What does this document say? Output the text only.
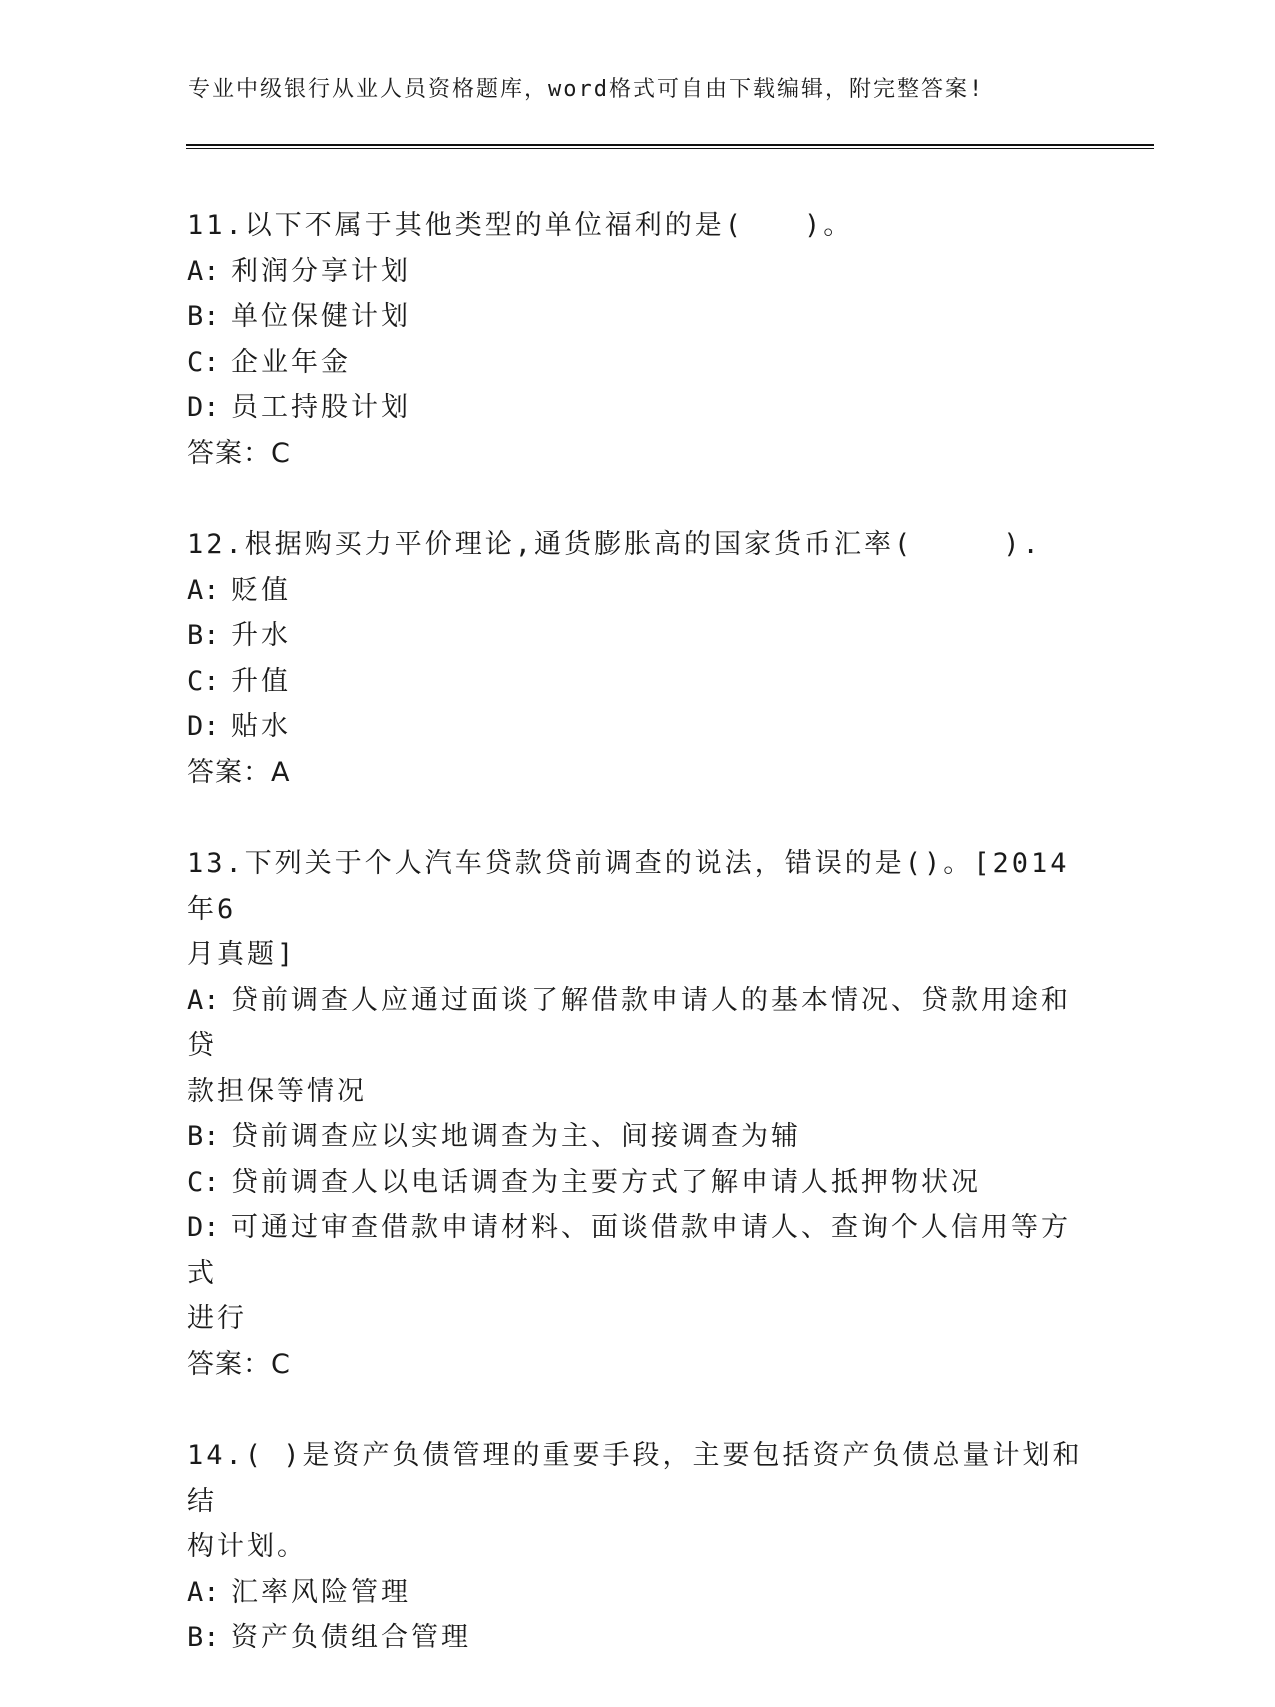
专业中级银行从业人员资格题库，word格式可自由下载编辑，附完整答案!
11.以下不属于其他类型的单位福利的是(　　)。
A: 利润分享计划
B: 单位保健计划
C: 企业年金
D: 员工持股计划
答案：C
12.根据购买力平价理论,通货膨胀高的国家货币汇率(　　　).
A: 贬值
B: 升水
C: 升值
D: 贴水
答案：A
13.下列关于个人汽车贷款贷前调查的说法，错误的是()。[2014年6
月真题]
A: 贷前调查人应通过面谈了解借款申请人的基本情况、贷款用途和贷
款担保等情况
B: 贷前调查应以实地调查为主、间接调查为辅
C: 贷前调查人以电话调查为主要方式了解申请人抵押物状况
D: 可通过审查借款申请材料、面谈借款申请人、查询个人信用等方式
进行
答案：C
14.( )是资产负债管理的重要手段，主要包括资产负债总量计划和结
构计划。
A: 汇率风险管理
B: 资产负债组合管理
